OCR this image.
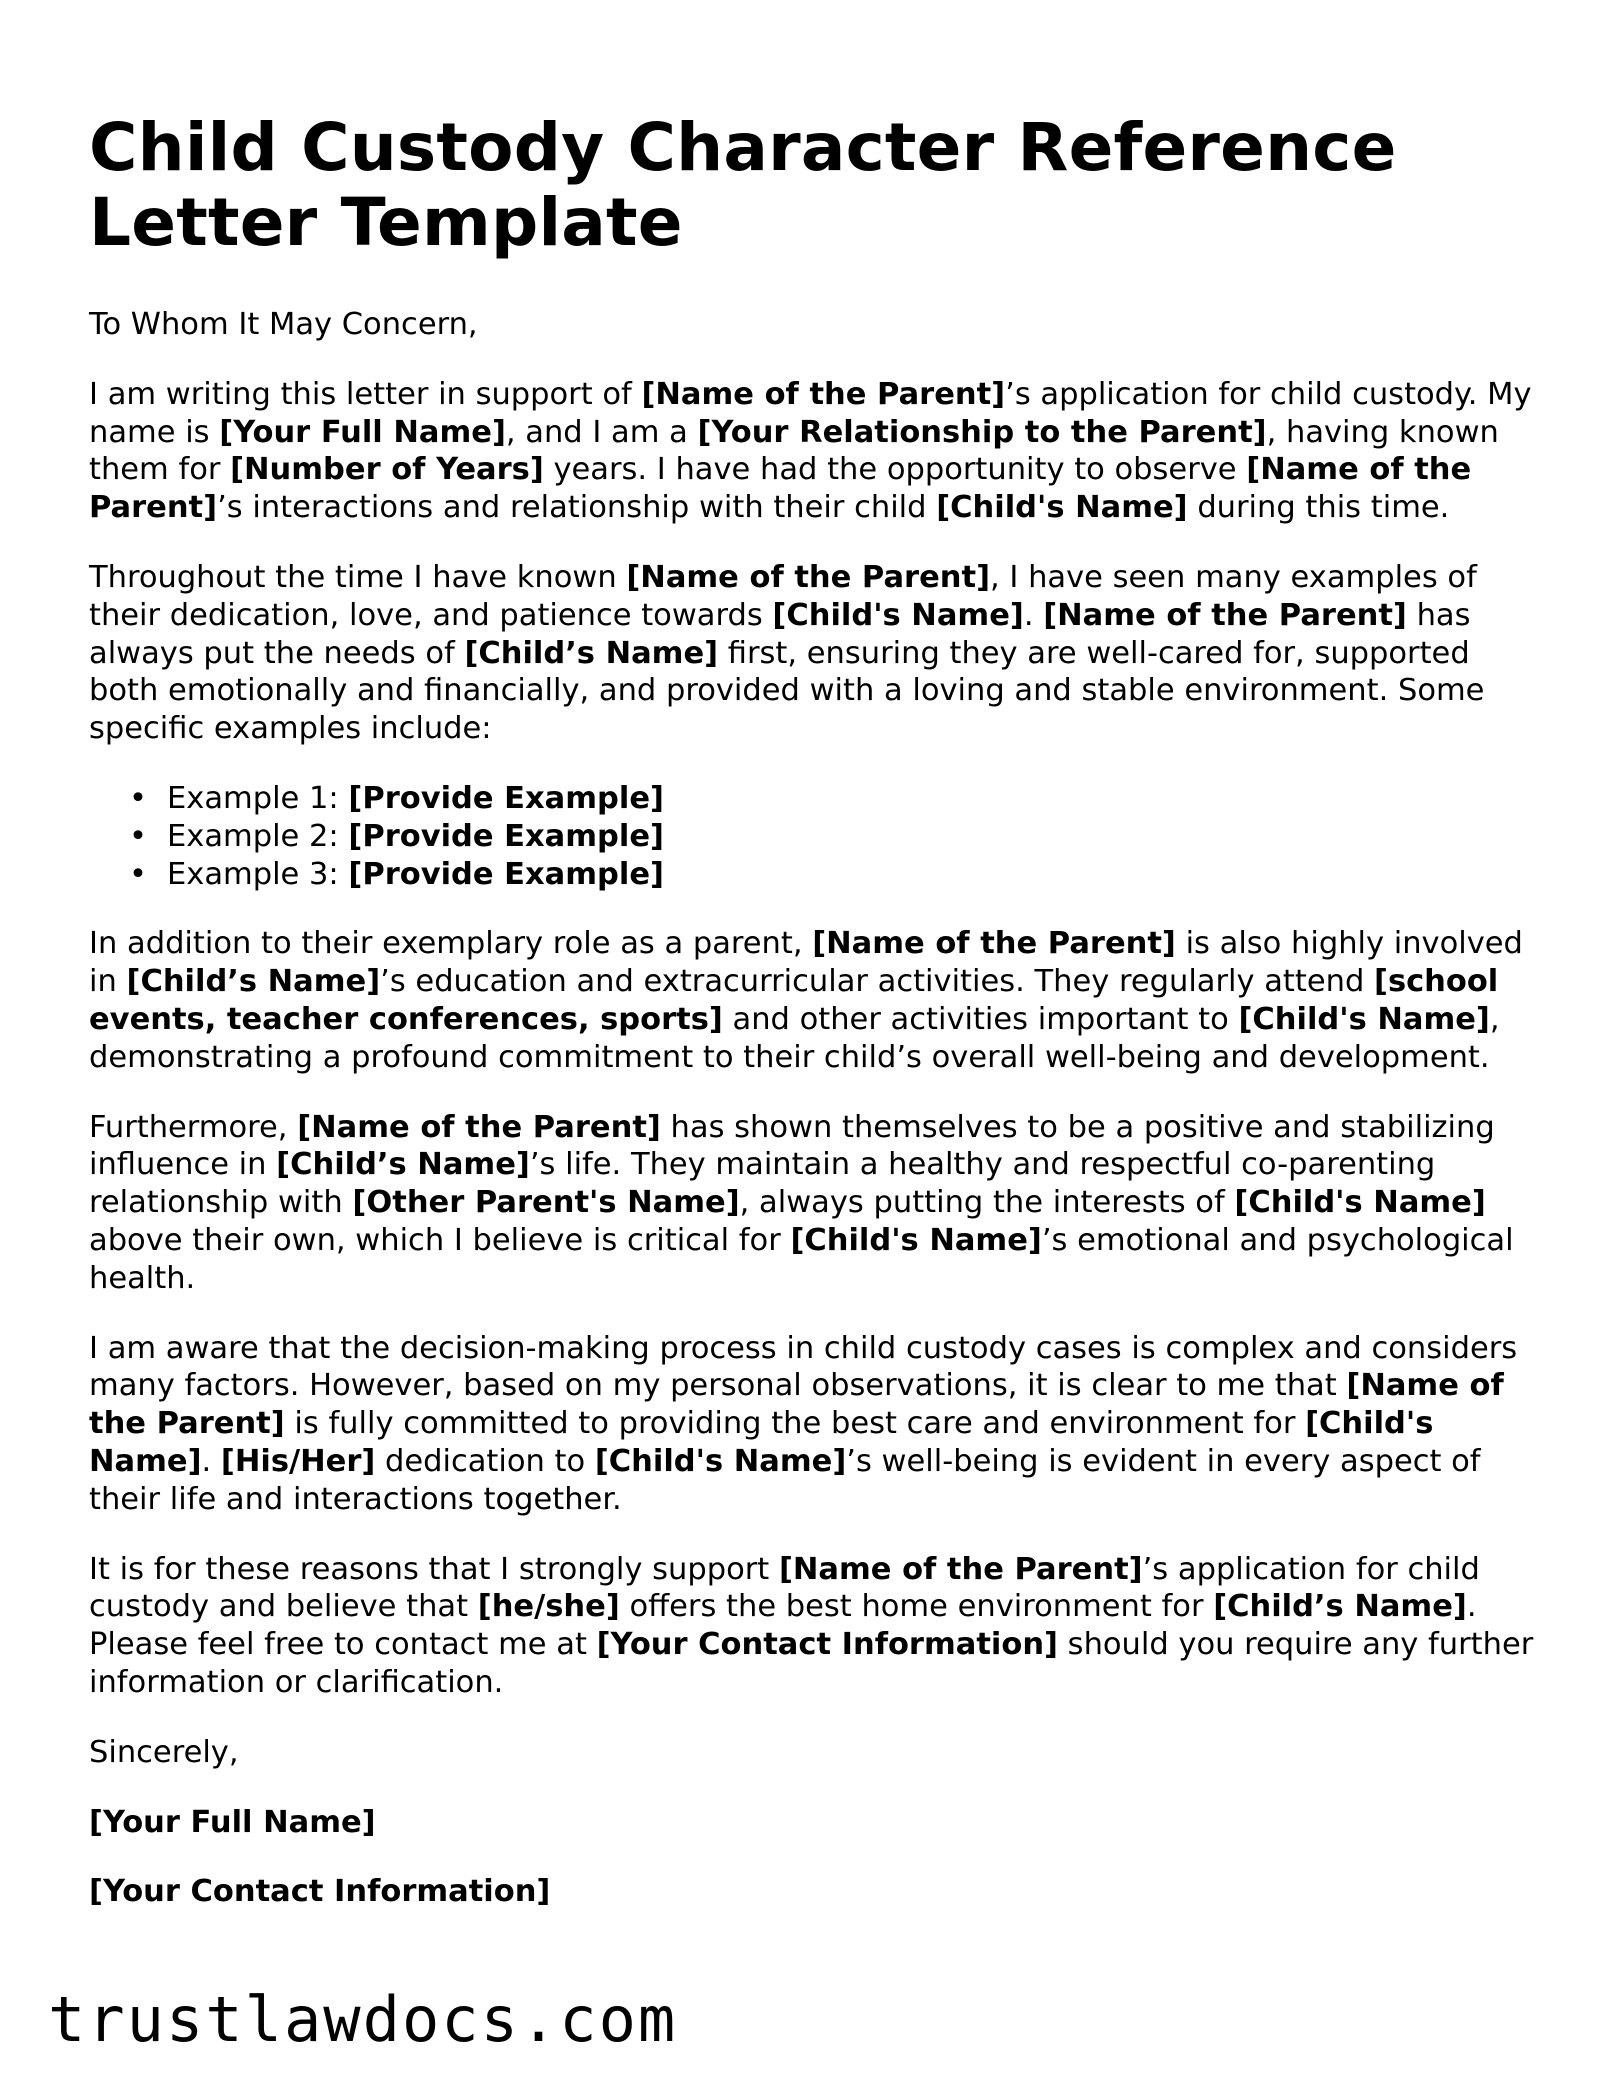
Child Custody Character Reference Letter Template

To Whom It May Concern,

I am writing this letter in support of [Name of the Parent]’s application for child custody. My name is [Your Full Name], and I am a [Your Relationship to the Parent], having known them for [Number of Years] years. I have had the opportunity to observe [Name of the Parent]’s interactions and relationship with their child [Child's Name] during this time.

Throughout the time I have known [Name of the Parent], I have seen many examples of their dedication, love, and patience towards [Child's Name]. [Name of the Parent] has always put the needs of [Child’s Name] first, ensuring they are well-cared for, supported both emotionally and financially, and provided with a loving and stable environment. Some specific examples include:

• Example 1: [Provide Example]
• Example 2: [Provide Example]
• Example 3: [Provide Example]

In addition to their exemplary role as a parent, [Name of the Parent] is also highly involved in [Child’s Name]’s education and extracurricular activities. They regularly attend [school events, teacher conferences, sports] and other activities important to [Child's Name], demonstrating a profound commitment to their child’s overall well-being and development.

Furthermore, [Name of the Parent] has shown themselves to be a positive and stabilizing influence in [Child’s Name]’s life. They maintain a healthy and respectful co-parenting relationship with [Other Parent's Name], always putting the interests of [Child's Name] above their own, which I believe is critical for [Child's Name]’s emotional and psychological health.

I am aware that the decision-making process in child custody cases is complex and considers many factors. However, based on my personal observations, it is clear to me that [Name of the Parent] is fully committed to providing the best care and environment for [Child's Name]. [His/Her] dedication to [Child's Name]’s well-being is evident in every aspect of their life and interactions together.

It is for these reasons that I strongly support [Name of the Parent]’s application for child custody and believe that [he/she] offers the best home environment for [Child’s Name]. Please feel free to contact me at [Your Contact Information] should you require any further information or clarification.

Sincerely,

[Your Full Name]

[Your Contact Information]

trustlawdocs.com
